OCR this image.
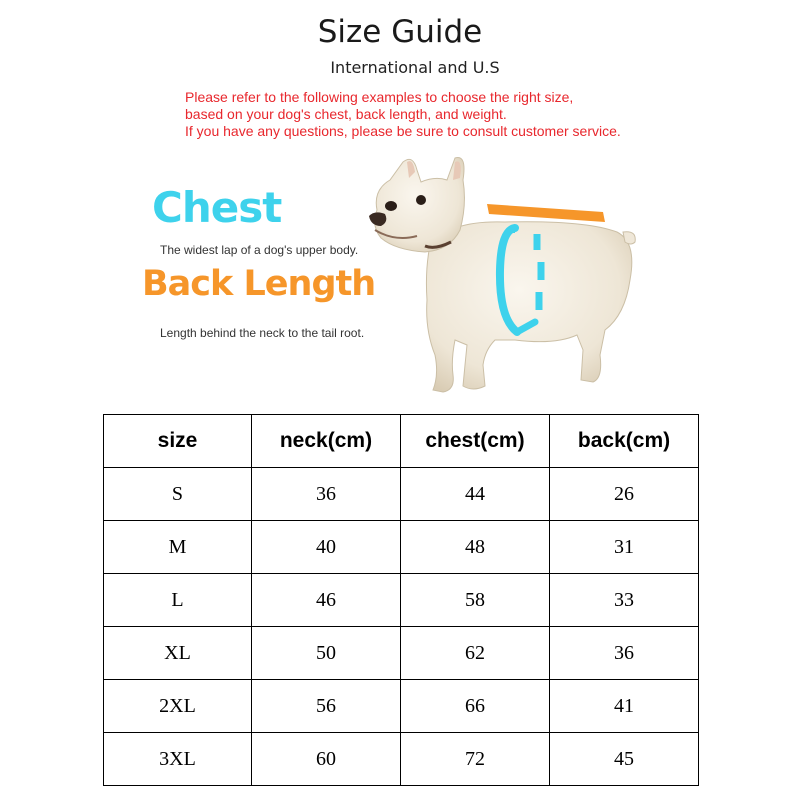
Size Guide
International and U.S
Please refer to the following examples to choose the right size,
based on your dog's chest, back length, and weight.
If you have any questions, please be sure to consult customer service.
Chest
The widest lap of a dog's upper body.
Back Length
Length behind the neck to the tail root.
size	neck(cm)	chest(cm)	back(cm)
S	36	44	26
M	40	48	31
L	46	58	33
XL	50	62	36
2XL	56	66	41
3XL	60	72	45
